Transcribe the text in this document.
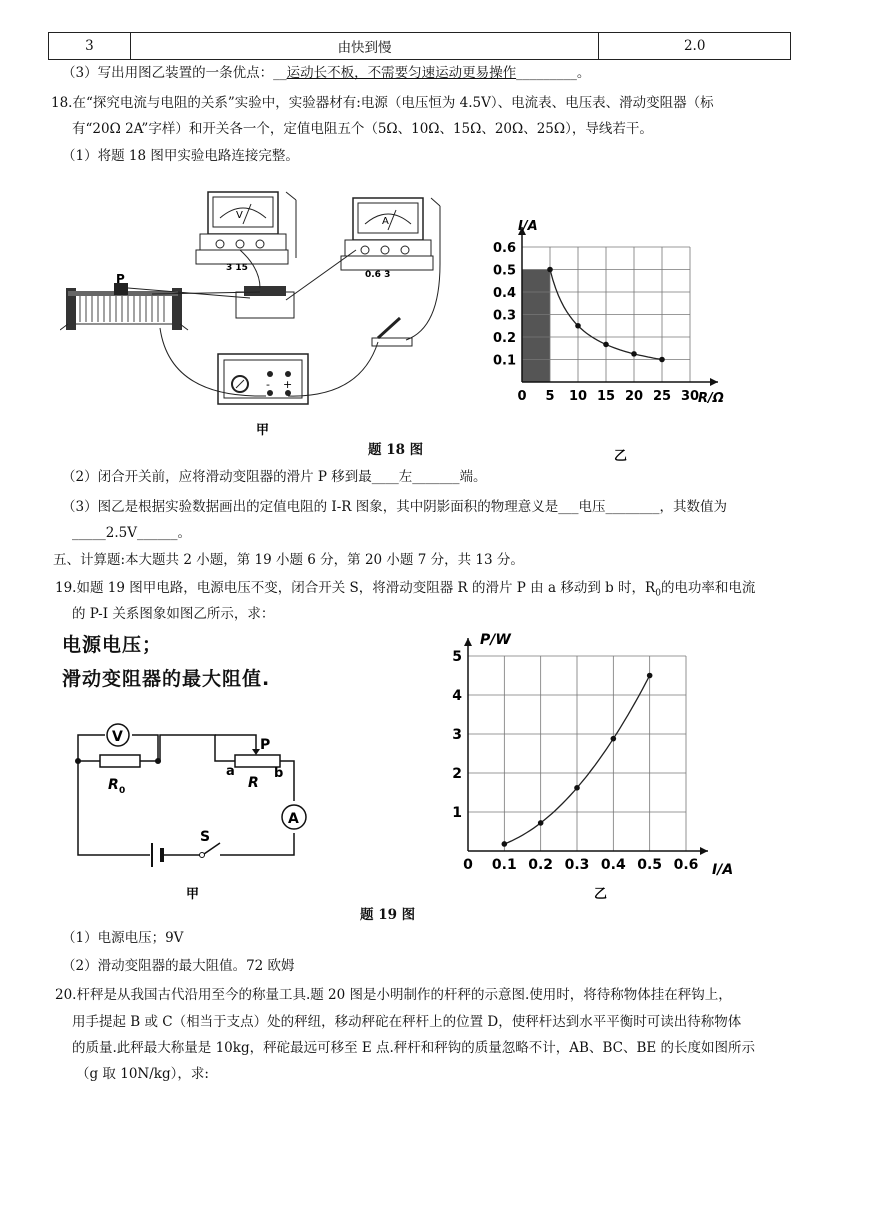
3	由快到慢	2.0
（3）写出用图乙装置的一条优点：__运动长不板，不需要匀速运动更易操作_________。
18.在“探究电流与电阻的关系”实验中，实验器材有:电源（电压恒为 4.5V）、电流表、电压表、滑动变阻器（标
有“20Ω 2A”字样）和开关各一个，定值电阻五个（5Ω、10Ω、15Ω、20Ω、25Ω），导线若干。
（1）将题 18 图甲实验电路连接完整。
V
3 15
A
0.6 3
P
- +
甲
0 5 10 15 20 25 30
0.1
0.2
0.3
0.4
0.5
0.6
I/A
R/Ω
乙
题 18 图
（2）闭合开关前，应将滑动变阻器的滑片 P 移到最____左_______端。
（3）图乙是根据实验数据画出的定值电阻的 I-R 图象，其中阴影面积的物理意义是___电压________，其数值为
_____2.5V______。
五、计算题:本大题共 2 小题，第 19 小题 6 分，第 20 小题 7 分，共 13 分。
19.如题 19 图甲电路，电源电压不变，闭合开关 S，将滑动变阻器 R 的滑片 P 由 a 移动到 b 时，$R_0$的电功率和电流
的 P-I 关系图象如图乙所示，求：
电源电压；
滑动变阻器的最大阻值.
V
R 0
P
a
R
b
A
S
甲
0 0.1 0.2 0.3 0.4 0.5 0.6
1
2
3
4
5
P/W
I/A
乙
题 19 图
（1）电源电压；9V
（2）滑动变阻器的最大阻值。72 欧姆
20.杆秤是从我国古代沿用至今的称量工具.题 20 图是小明制作的杆秤的示意图.使用时，将待称物体挂在秤钩上，
用手提起 B 或 C（相当于支点）处的秤纽，移动秤砣在秤杆上的位置 D，使秤杆达到水平平衡时可读出待称物体
的质量.此秤最大称量是 10kg，秤砣最远可移至 E 点.秤杆和秤钩的质量忽略不计，AB、BC、BE 的长度如图所示
（g 取 10N/kg），求:
